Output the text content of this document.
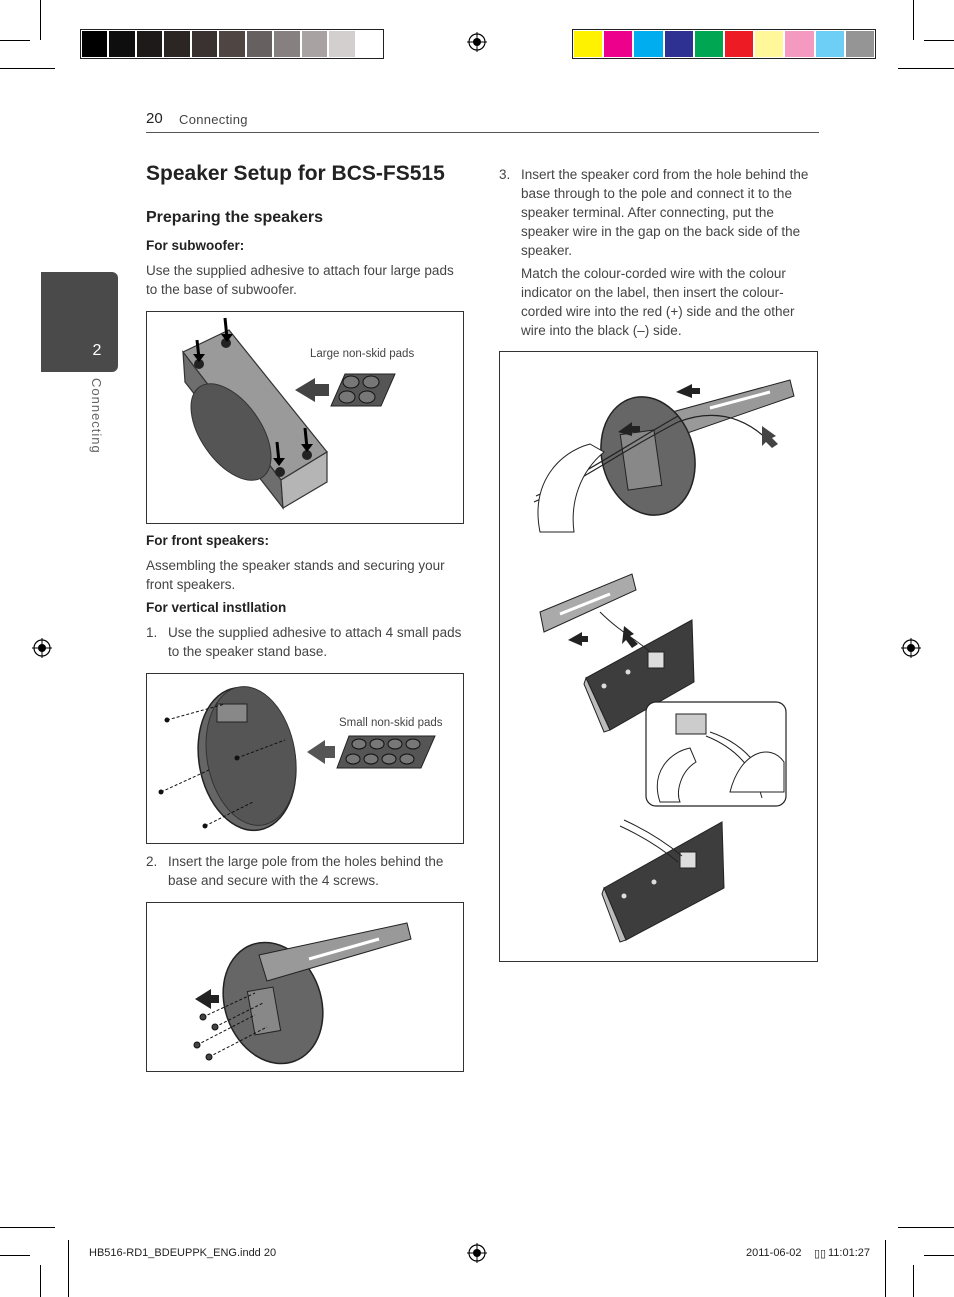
20 Connecting
2
Connecting
Speaker Setup for BCS-FS515
Preparing the speakers
For subwoofer:
Use the supplied adhesive to attach four large pads to the base of subwoofer.
Large non-skid pads
For front speakers:
Assembling the speaker stands and securing your front speakers.
For vertical instllation
1. Use the supplied adhesive to attach 4 small pads to the speaker stand base.
Small non-skid pads
2. Insert the large pole from the holes behind the base and secure with the 4 screws.
3. Insert the speaker cord from the hole behind the base through to the pole and connect it to the speaker terminal. After connecting, put the speaker wire in the gap on the back side of the speaker.
Match the colour-corded wire with the colour indicator on the label, then insert the colour-corded wire into the red (+) side and the other wire into the black (–) side.
HB516-RD1_BDEUPPK_ENG.indd 20	2011-06-02 ▯▯ 11:01:27
